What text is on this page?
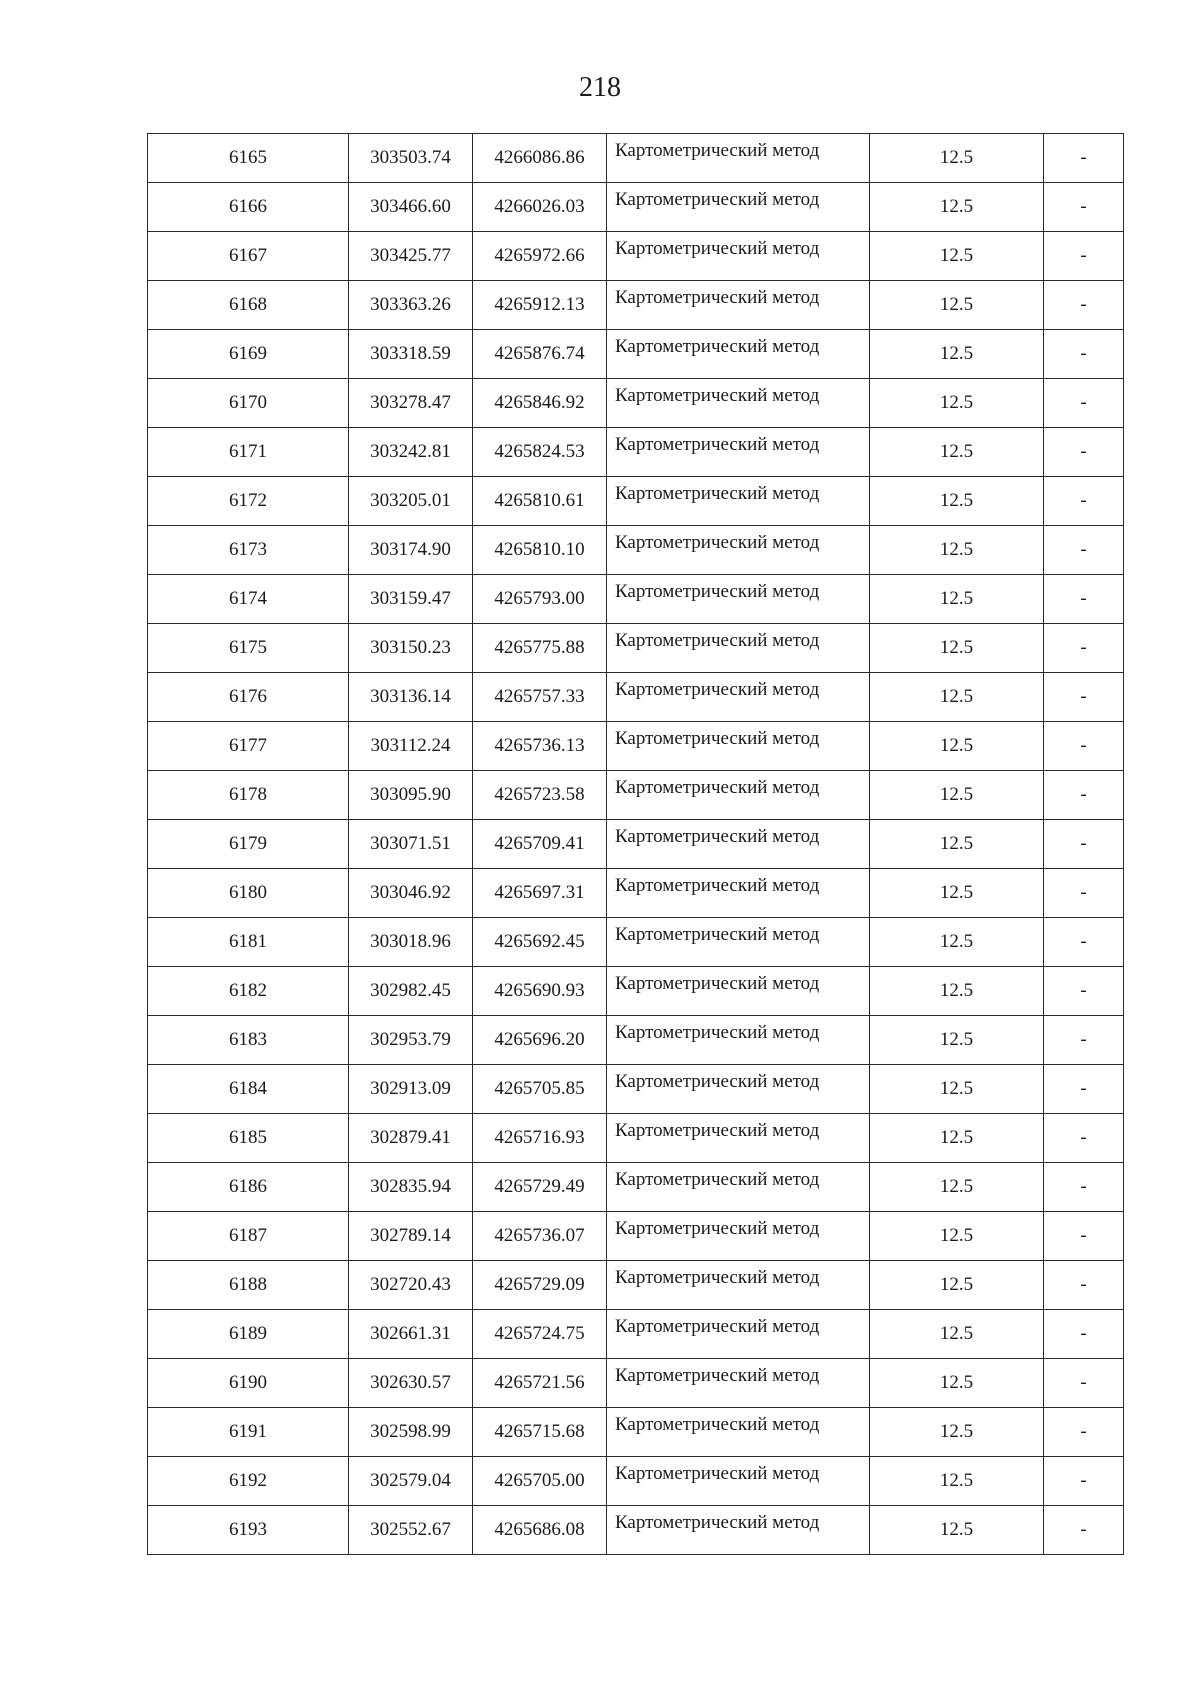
218
6165	303503.74	4266086.86	Картометрический метод	12.5	-
6166	303466.60	4266026.03	Картометрический метод	12.5	-
6167	303425.77	4265972.66	Картометрический метод	12.5	-
6168	303363.26	4265912.13	Картометрический метод	12.5	-
6169	303318.59	4265876.74	Картометрический метод	12.5	-
6170	303278.47	4265846.92	Картометрический метод	12.5	-
6171	303242.81	4265824.53	Картометрический метод	12.5	-
6172	303205.01	4265810.61	Картометрический метод	12.5	-
6173	303174.90	4265810.10	Картометрический метод	12.5	-
6174	303159.47	4265793.00	Картометрический метод	12.5	-
6175	303150.23	4265775.88	Картометрический метод	12.5	-
6176	303136.14	4265757.33	Картометрический метод	12.5	-
6177	303112.24	4265736.13	Картометрический метод	12.5	-
6178	303095.90	4265723.58	Картометрический метод	12.5	-
6179	303071.51	4265709.41	Картометрический метод	12.5	-
6180	303046.92	4265697.31	Картометрический метод	12.5	-
6181	303018.96	4265692.45	Картометрический метод	12.5	-
6182	302982.45	4265690.93	Картометрический метод	12.5	-
6183	302953.79	4265696.20	Картометрический метод	12.5	-
6184	302913.09	4265705.85	Картометрический метод	12.5	-
6185	302879.41	4265716.93	Картометрический метод	12.5	-
6186	302835.94	4265729.49	Картометрический метод	12.5	-
6187	302789.14	4265736.07	Картометрический метод	12.5	-
6188	302720.43	4265729.09	Картометрический метод	12.5	-
6189	302661.31	4265724.75	Картометрический метод	12.5	-
6190	302630.57	4265721.56	Картометрический метод	12.5	-
6191	302598.99	4265715.68	Картометрический метод	12.5	-
6192	302579.04	4265705.00	Картометрический метод	12.5	-
6193	302552.67	4265686.08	Картометрический метод	12.5	-
